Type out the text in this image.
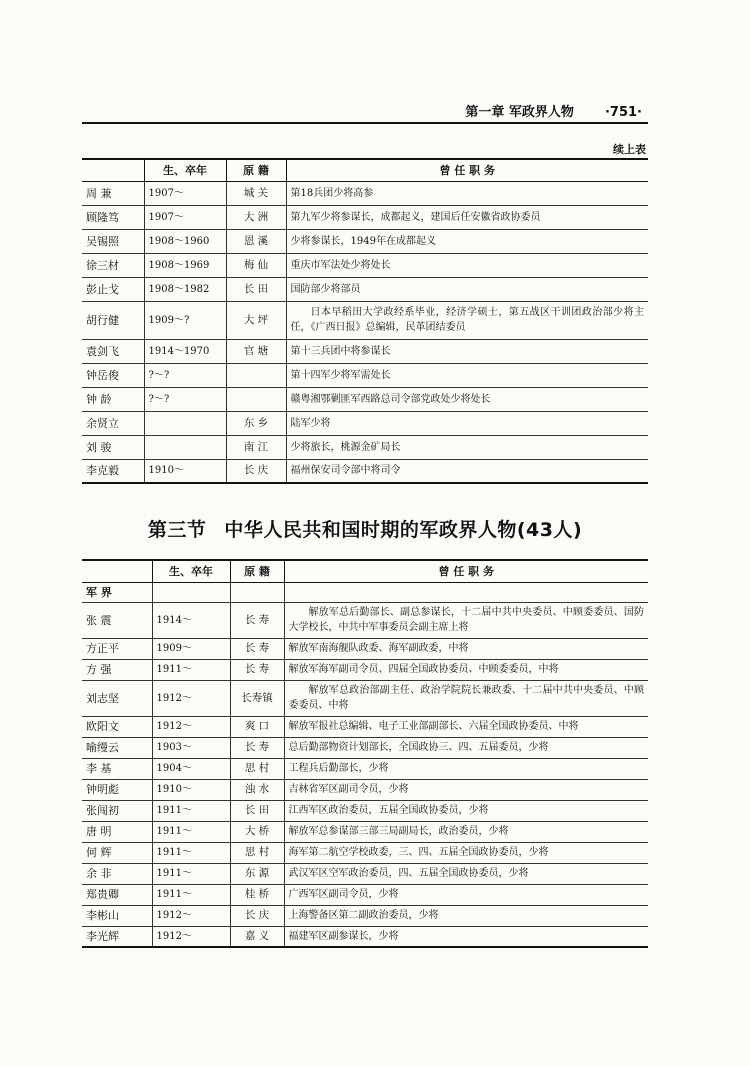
第一章 军政界人物 ·751·
续上表
	生、卒年	原 籍	曾 任 职 务
周 兼	1907～	城 关	第18兵团少将高参
顾隆笃	1907～	大 洲	第九军少将参谋长，成都起义，建国后任安徽省政协委员
吴锡照	1908～1960	恩 溪	少将参谋长，1949年在成都起义
徐三材	1908～1969	梅 仙	重庆市军法处少将处长
彭止戈	1908～1982	长 田	国防部少将部员
胡行健	1909～?	大 坪	日本早稻田大学政经系毕业，经济学硕士，第五战区干训团政治部少将主任，《广西日报》总编辑，民革团结委员
袁剑飞	1914～1970	官 塘	第十三兵团中将参谋长
钟岳俊	?～?		第十四军少将军需处长
钟 龄	?～?		赣粤湘鄂剿匪军西路总司令部党政处少将处长
余贤立		东 乡	陆军少将
刘 骏		南 江	少将旅长，桃源金矿局长
李克毅	1910～	长 庆	福州保安司令部中将司令
第三节 中华人民共和国时期的军政界人物(43人)
	生、卒年	原 籍	曾 任 职 务
军 界			
张 震	1914～	长 寿	解放军总后勤部长、副总参谋长，十二届中共中央委员、中顾委委员、国防大学校长，中共中军事委员会副主席上将
方正平	1909～	长 寿	解放军南海舰队政委、海军副政委，中将
方 强	1911～	长 寿	解放军海军副司令员、四届全国政协委员、中顾委委员，中将
刘志坚	1912～	长寿镇	解放军总政治部副主任、政治学院院长兼政委、十二届中共中央委员、中顾委委员、中将
欧阳文	1912～	爽 口	解放军报社总编辑、电子工业部副部长、六届全国政协委员、中将
喻缦云	1903～	长 寿	总后勤部物资计划部长，全国政协三、四、五届委员，少将
李 基	1904～	思 村	工程兵后勤部长，少将
钟明彪	1910～	浊 水	吉林省军区副司令员，少将
张闯初	1911～	长 田	江西军区政治委员，五届全国政协委员，少将
唐 明	1911～	大 桥	解放军总参谋部三部三局副局长，政治委员，少将
何 辉	1911～	思 村	海军第二航空学校政委，三、四、五届全国政协委员，少将
余 非	1911～	东 源	武汉军区空军政治委员，四、五届全国政协委员，少将
郑贵卿	1911～	桂 桥	广西军区副司令员，少将
李彬山	1912～	长 庆	上海警备区第二副政治委员，少将
李光辉	1912～	嘉 义	福建军区副参谋长，少将
